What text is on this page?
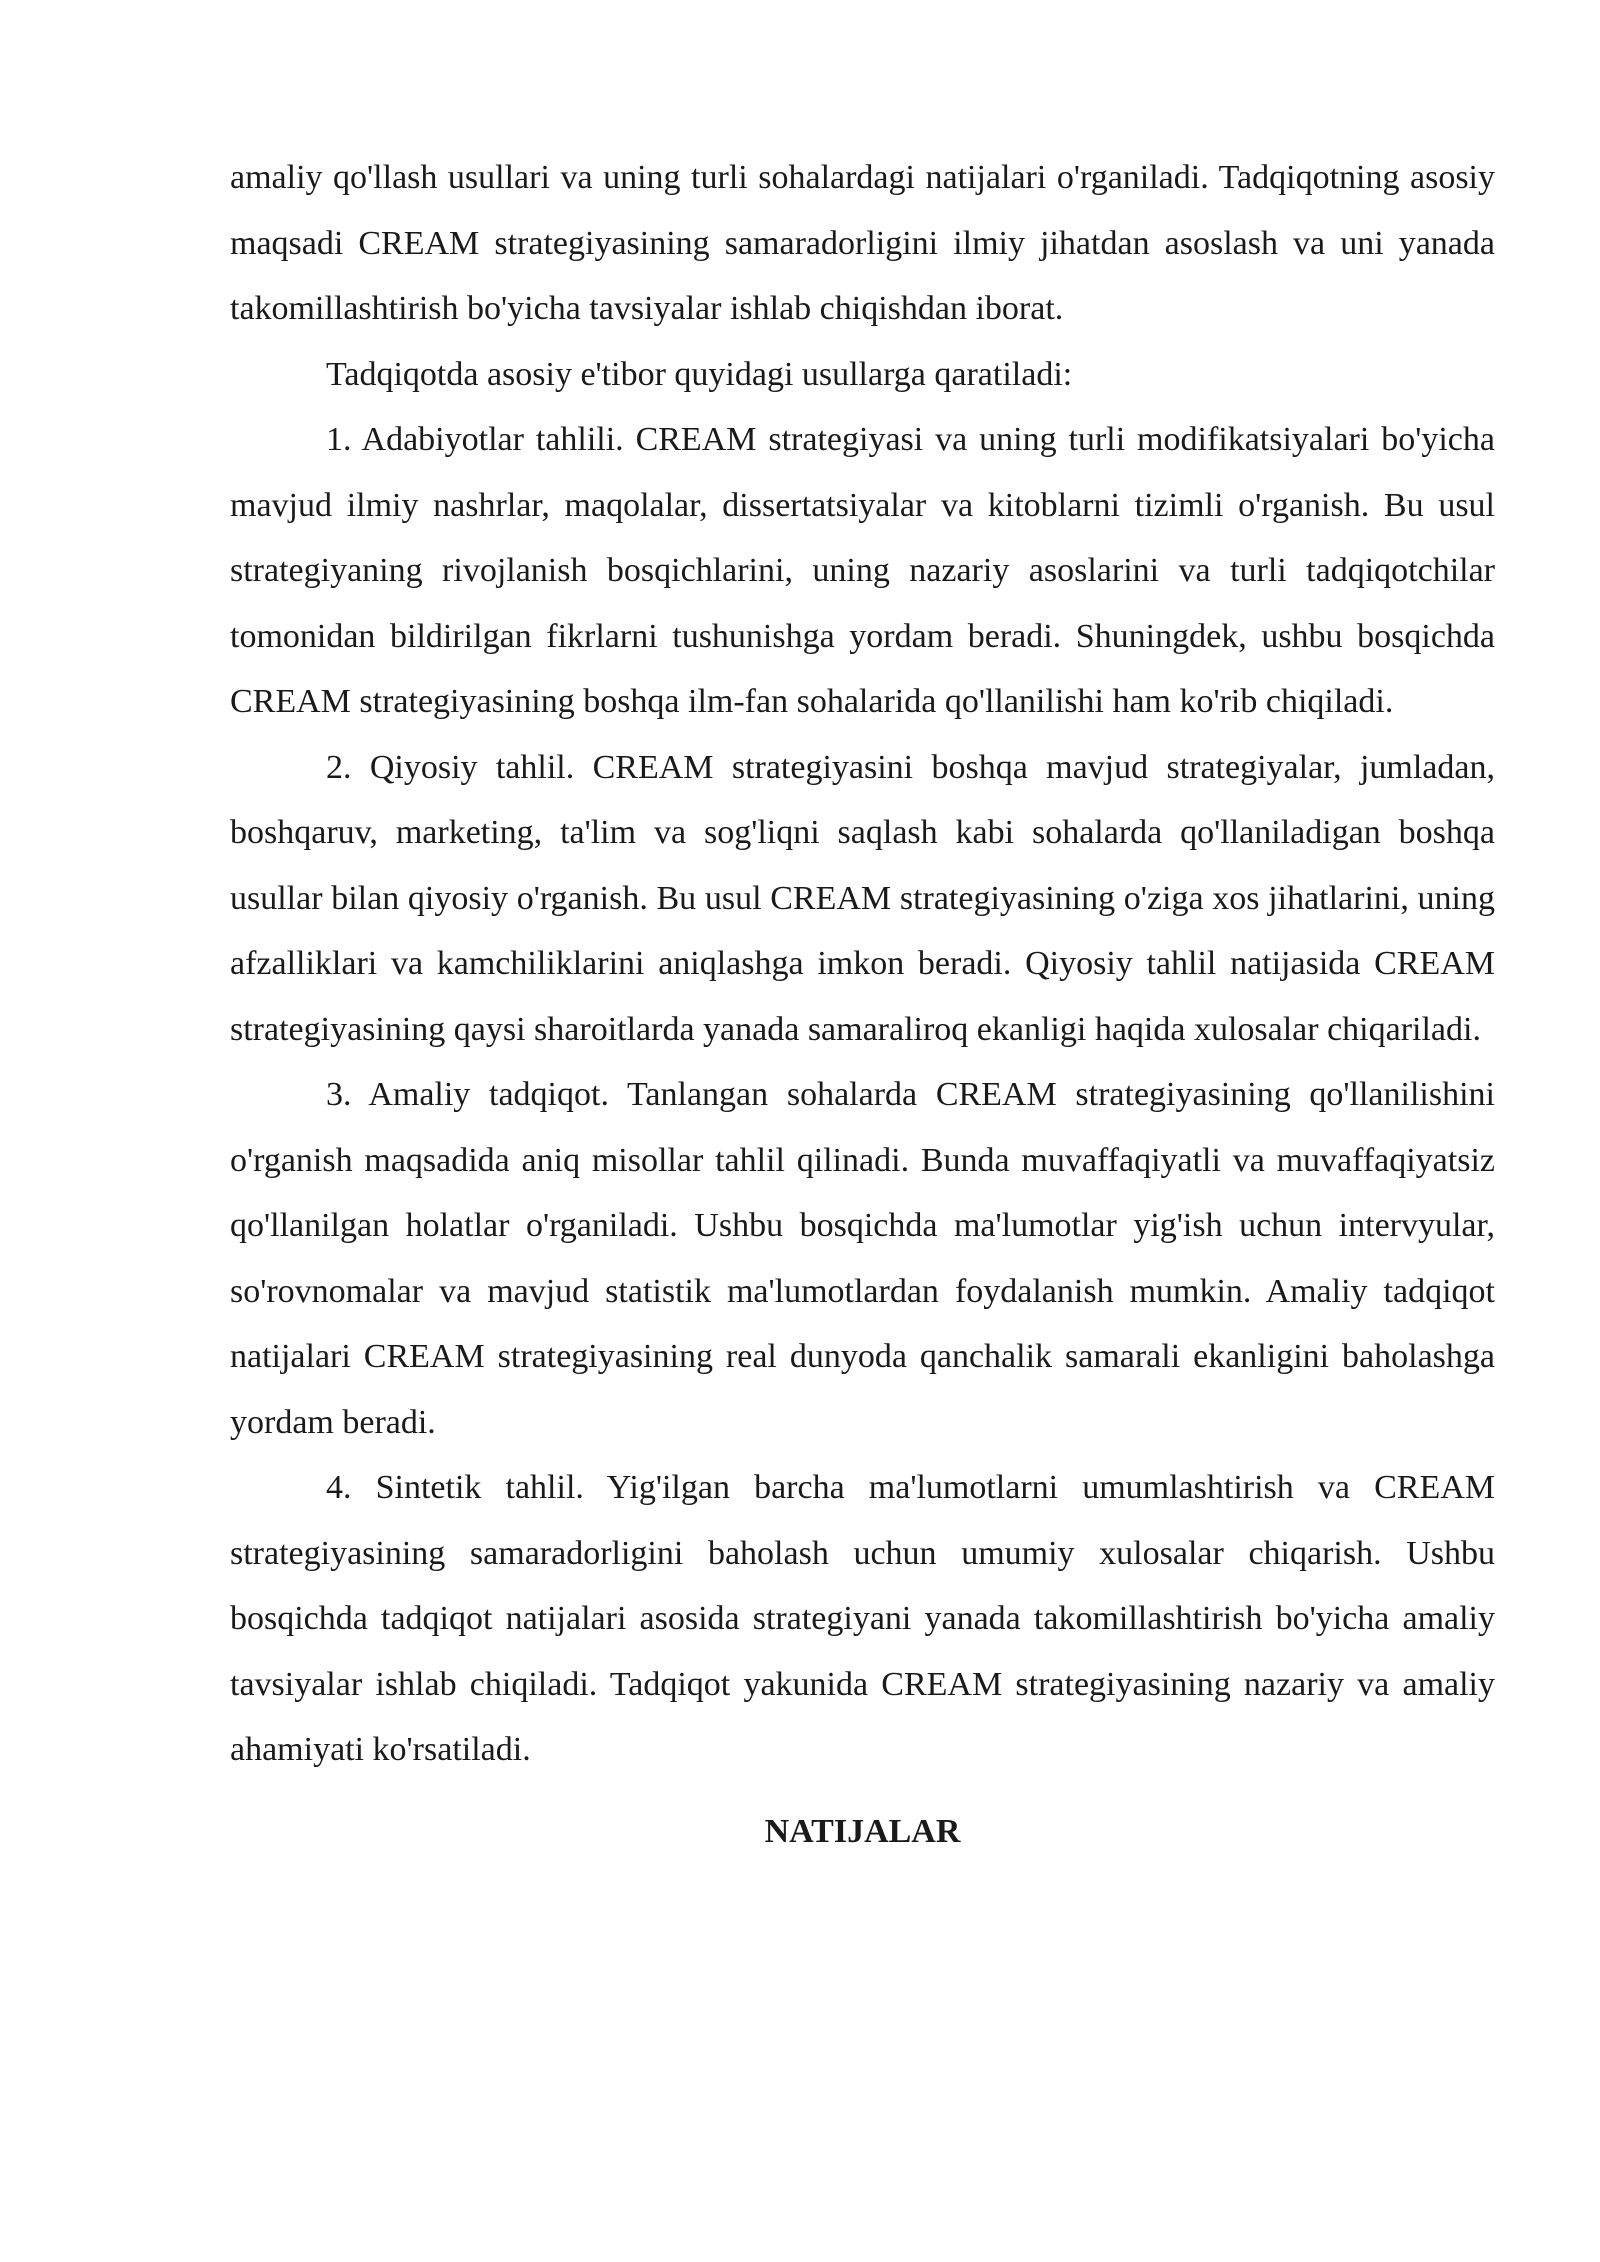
amaliy qo'llash usullari va uning turli sohalardagi natijalari o'rganiladi. Tadqiqotning asosiy maqsadi CREAM strategiyasining samaradorligini ilmiy jihatdan asoslash va uni yanada takomillashtirish bo'yicha tavsiyalar ishlab chiqishdan iborat.

Tadqiqotda asosiy e'tibor quyidagi usullarga qaratiladi:

1. Adabiyotlar tahlili. CREAM strategiyasi va uning turli modifikatsiyalari bo'yicha mavjud ilmiy nashrlar, maqolalar, dissertatsiyalar va kitoblarni tizimli o'rganish. Bu usul strategiyaning rivojlanish bosqichlarini, uning nazariy asoslarini va turli tadqiqotchilar tomonidan bildirilgan fikrlarni tushunishga yordam beradi. Shuningdek, ushbu bosqichda CREAM strategiyasining boshqa ilm-fan sohalarida qo'llanilishi ham ko'rib chiqiladi.

2. Qiyosiy tahlil. CREAM strategiyasini boshqa mavjud strategiyalar, jumladan, boshqaruv, marketing, ta'lim va sog'liqni saqlash kabi sohalarda qo'llaniladigan boshqa usullar bilan qiyosiy o'rganish. Bu usul CREAM strategiyasining o'ziga xos jihatlarini, uning afzalliklari va kamchiliklarini aniqlashga imkon beradi. Qiyosiy tahlil natijasida CREAM strategiyasining qaysi sharoitlarda yanada samaraliroq ekanligi haqida xulosalar chiqariladi.

3. Amaliy tadqiqot. Tanlangan sohalarda CREAM strategiyasining qo'llanilishini o'rganish maqsadida aniq misollar tahlil qilinadi. Bunda muvaffaqiyatli va muvaffaqiyatsiz qo'llanilgan holatlar o'rganiladi. Ushbu bosqichda ma'lumotlar yig'ish uchun intervyular, so'rovnomalar va mavjud statistik ma'lumotlardan foydalanish mumkin. Amaliy tadqiqot natijalari CREAM strategiyasining real dunyoda qanchalik samarali ekanligini baholashga yordam beradi.

4. Sintetik tahlil. Yig'ilgan barcha ma'lumotlarni umumlashtirish va CREAM strategiyasining samaradorligini baholash uchun umumiy xulosalar chiqarish. Ushbu bosqichda tadqiqot natijalari asosida strategiyani yanada takomillashtirish bo'yicha amaliy tavsiyalar ishlab chiqiladi. Tadqiqot yakunida CREAM strategiyasining nazariy va amaliy ahamiyati ko'rsatiladi.

NATIJALAR
